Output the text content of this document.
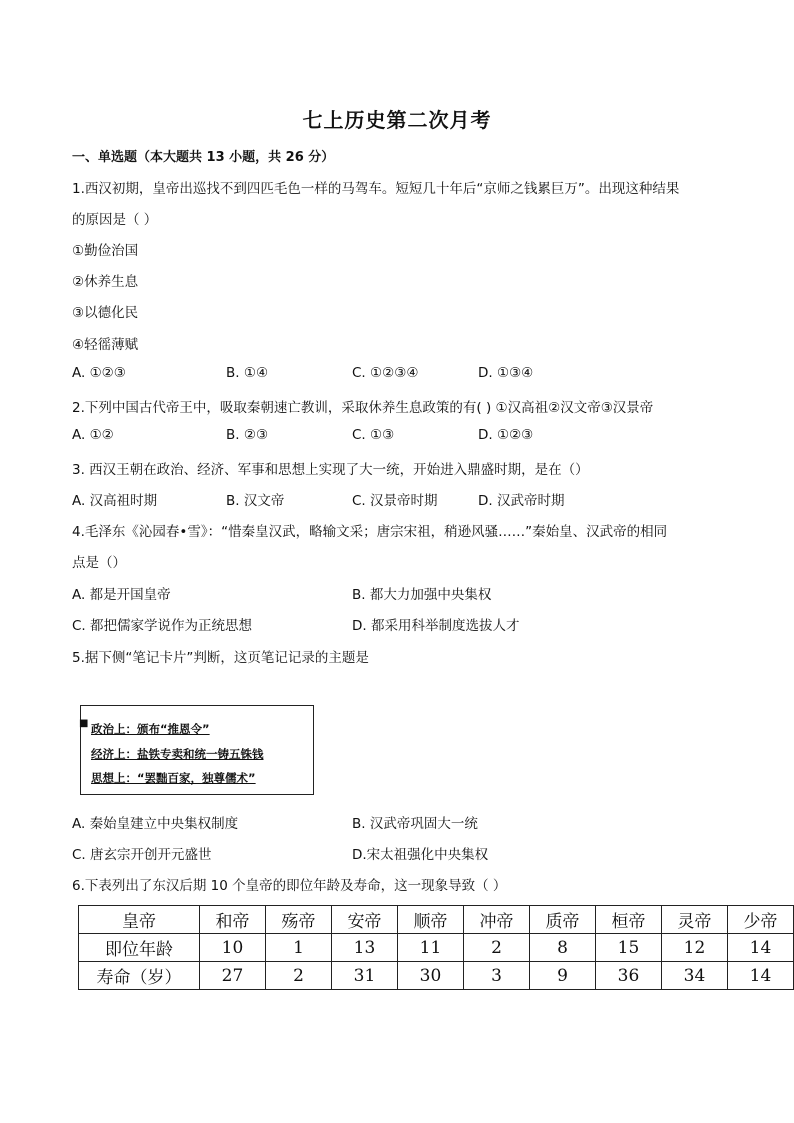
七上历史第二次月考
一、单选题（本大题共 13 小题，共 26 分）
1.西汉初期，皇帝出巡找不到四匹毛色一样的马驾车。短短几十年后“京师之钱累巨万”。出现这种结果
的原因是（ ）
①勤俭治国
②休养生息
③以德化民
④轻徭薄赋
A. ①②③	B. ①④	C. ①②③④	D. ①③④
2.下列中国古代帝王中，吸取秦朝速亡教训，采取休养生息政策的有( ) ①汉高祖②汉文帝③汉景帝
A. ①②	B. ②③	C. ①③	D. ①②③
3. 西汉王朝在政治、经济、军事和思想上实现了大一统，开始进入鼎盛时期，是在（）
A. 汉高祖时期	B. 汉文帝	C. 汉景帝时期	D. 汉武帝时期
4.毛泽东《沁园春•雪》：“惜秦皇汉武，略输文采；唐宗宋祖，稍逊风骚……”秦始皇、汉武帝的相同
点是（）
A. 都是开国皇帝	B. 都大力加强中央集权
C. 都把儒家学说作为正统思想	D. 都采用科举制度选拔人才
5.据下侧“笔记卡片”判断，这页笔记记录的主题是
■ 政治上：颁布“推恩令”
经济上：盐铁专卖和统一铸五铢钱
思想上：“罢黜百家，独尊儒术”
A. 秦始皇建立中央集权制度	B. 汉武帝巩固大一统
C. 唐玄宗开创开元盛世	D.宋太祖强化中央集权
6.下表列出了东汉后期 10 个皇帝的即位年龄及寿命，这一现象导致（ ）
皇帝	和帝	殇帝	安帝	顺帝	冲帝	质帝	桓帝	灵帝	少帝
即位年龄	10	1	13	11	2	8	15	12	14
寿命（岁）	27	2	31	30	3	9	36	34	14
